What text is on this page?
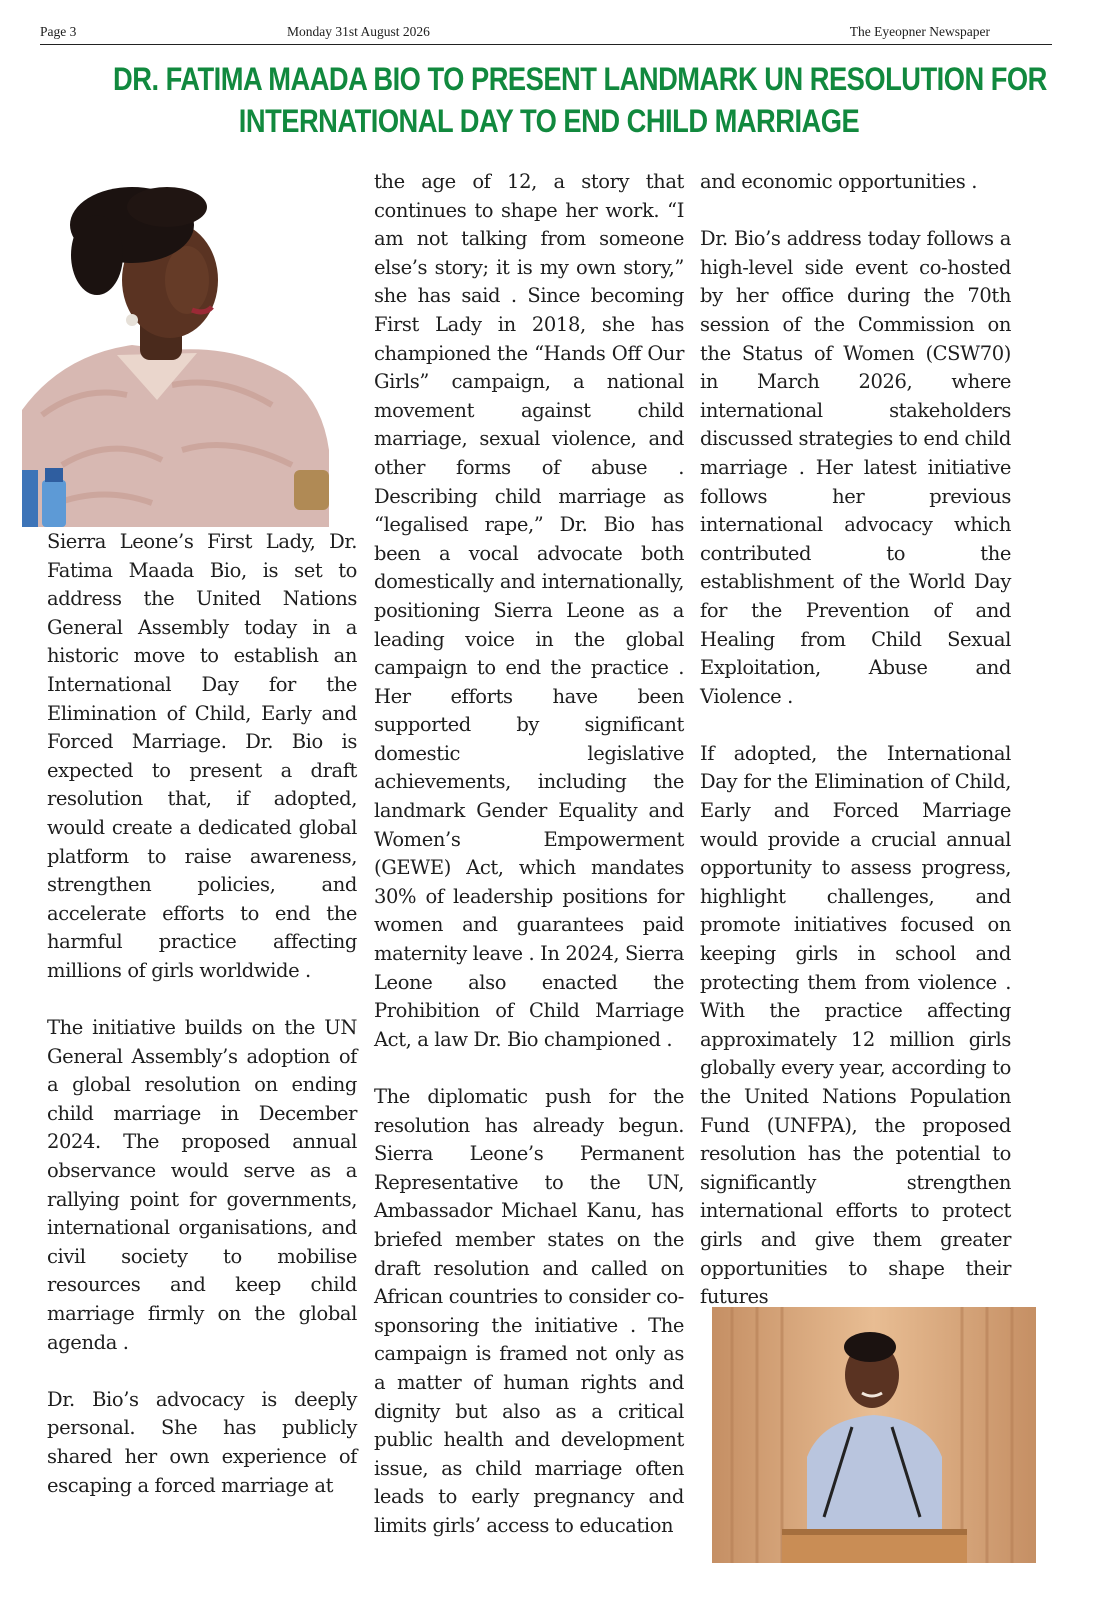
Page 3	Monday 31st August 2026	The Eyeopner Newspaper
DR. FATIMA MAADA BIO TO PRESENT LANDMARK UN RESOLUTION FOR
INTERNATIONAL DAY TO END CHILD MARRIAGE

Sierra Leone’s First Lady, Dr. Fatima Maada Bio, is set to address the United Nations General Assembly today in a historic move to establish an International Day for the Elimination of Child, Early and Forced Marriage. Dr. Bio is expected to present a draft resolution that, if adopted, would create a dedicated global platform to raise awareness, strengthen policies, and accelerate efforts to end the harmful practice affecting millions of girls worldwide .

The initiative builds on the UN General Assembly’s adoption of a global resolution on ending child marriage in December 2024. The proposed annual observance would serve as a rallying point for governments, international organisations, and civil society to mobilise resources and keep child marriage firmly on the global agenda .

Dr. Bio’s advocacy is deeply personal. She has publicly shared her own experience of escaping a forced marriage at

the age of 12, a story that continues to shape her work. “I am not talking from someone else’s story; it is my own story,” she has said . Since becoming First Lady in 2018, she has championed the “Hands Off Our Girls” campaign, a national movement against child marriage, sexual violence, and other forms of abuse . Describing child marriage as “legalised rape,” Dr. Bio has been a vocal advocate both domestically and internationally, positioning Sierra Leone as a leading voice in the global campaign to end the practice . Her efforts have been supported by significant domestic legislative achievements, including the landmark Gender Equality and Women’s Empowerment (GEWE) Act, which mandates 30% of leadership positions for women and guarantees paid maternity leave . In 2024, Sierra Leone also enacted the Prohibition of Child Marriage Act, a law Dr. Bio championed .

The diplomatic push for the resolution has already begun. Sierra Leone’s Permanent Representative to the UN, Ambassador Michael Kanu, has briefed member states on the draft resolution and called on African countries to consider co-sponsoring the initiative . The campaign is framed not only as a matter of human rights and dignity but also as a critical public health and development issue, as child marriage often leads to early pregnancy and limits girls’ access to education

and economic opportunities .

Dr. Bio’s address today follows a high-level side event co-hosted by her office during the 70th session of the Commission on the Status of Women (CSW70) in March 2026, where international stakeholders discussed strategies to end child marriage . Her latest initiative follows her previous international advocacy which contributed to the establishment of the World Day for the Prevention of and Healing from Child Sexual Exploitation, Abuse and Violence .

If adopted, the International Day for the Elimination of Child, Early and Forced Marriage would provide a crucial annual opportunity to assess progress, highlight challenges, and promote initiatives focused on keeping girls in school and protecting them from violence . With the practice affecting approximately 12 million girls globally every year, according to the United Nations Population Fund (UNFPA), the proposed resolution has the potential to significantly strengthen international efforts to protect girls and give them greater opportunities to shape their futures
